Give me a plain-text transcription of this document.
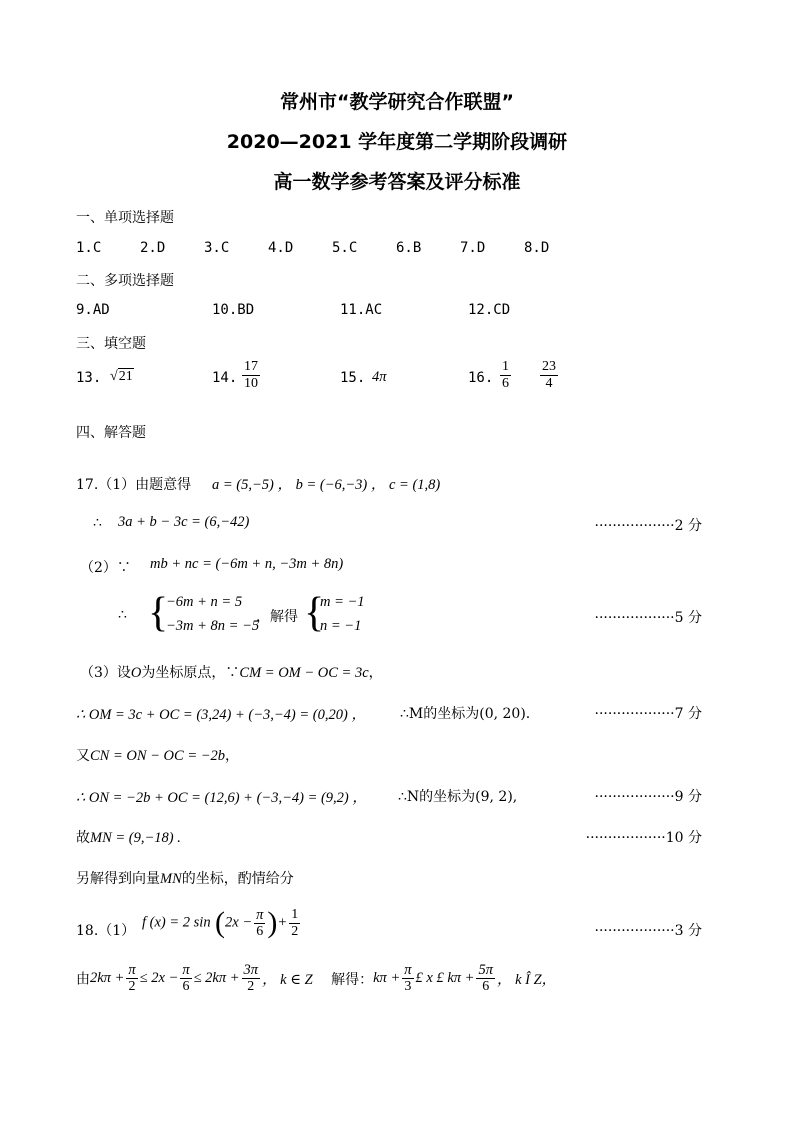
常州市“教学研究合作联盟”
2020—2021 学年度第二学期阶段调研
高一数学参考答案及评分标准
一、单项选择题
1.C	2.D	3.C	4.D	5.C	6.B	7.D	8.D
二、多项选择题
9.AD	10.BD	11.AC	12.CD
三、填空题
13. √21	14. $\frac{17}{10}$	15. 4π	16. $\frac{1}{6} \frac{23}{4}$
四、解答题
17.（1）由题意得 a = (5,−5) ， b = (−6,−3) ， c = (1,8)
∴ 3a + b − 3c = (6,−42)	··················2 分
（2）∵ mb + nc = (−6m + n, −3m + 8n)
∴ {
−6m + n = 5
−3m + 8n = −5
，解得 {
m = −1
n = −1	··················5 分
（3）设O为坐标原点，∵CM = OM − OC = 3c，
∴ OM = 3c + OC = (3,24) + (−3,−4) = (0,20) ， ∴M的坐标为(0, 20).	··················7 分
又CN = ON − OC = −2b，
∴ ON = −2b + OC = (12,6) + (−3,−4) = (9,2) ， ∴N的坐标为(9, 2),	··················9 分
故MN = (9,−18) .	··················10 分
另解得到向量MN的坐标，酌情给分
18.（1）
f (x) = 2 $\sin (2x - \frac{\pi}{6}$ )+ $\frac{1}{2}$	··················3 分
由$2k\pi + \frac{\pi}{2} \le 2x - \frac{\pi}{6} \le 2k\pi + \frac{3\pi}{2}$ ， k ∈ Z 解得：$k\pi + \frac{\pi}{3}$ £ x £ $k\pi + \frac{5\pi}{6}$ ， k Î Z，
